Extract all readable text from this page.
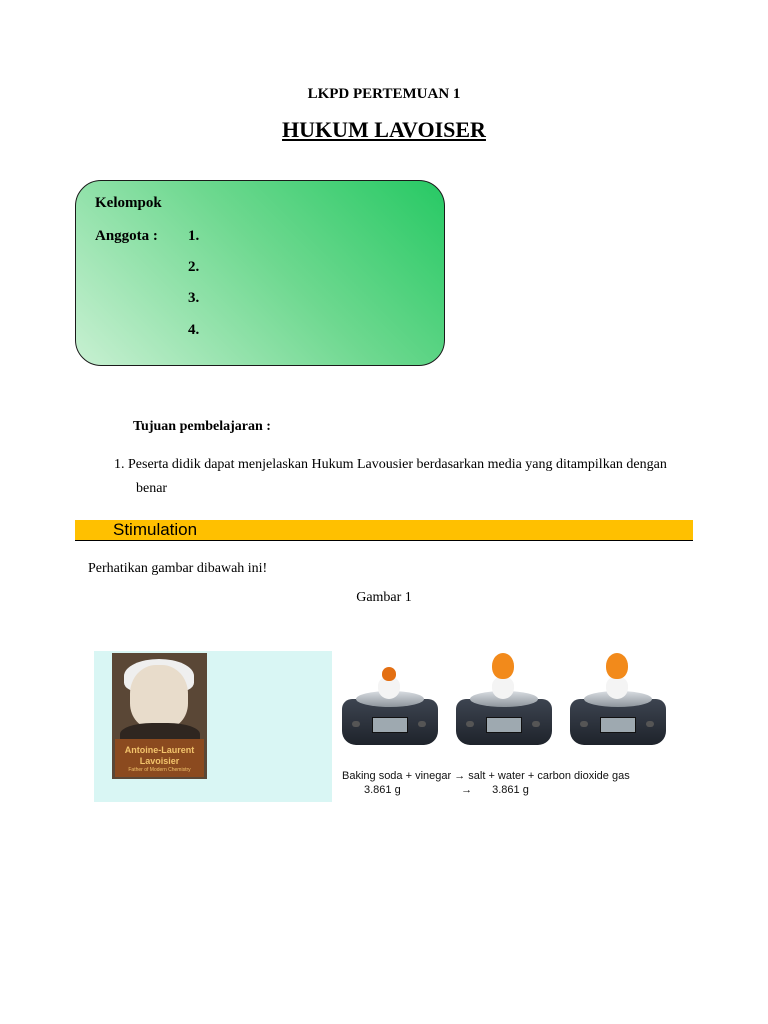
LKPD PERTEMUAN 1
HUKUM LAVOISER
Kelompok
Anggota : 1.
2.
3.
4.
Tujuan pembelajaran :
1. Peserta didik dapat menjelaskan Hukum Lavousier berdasarkan media yang ditampilkan dengan
benar
Stimulation
Perhatikan gambar dibawah ini!
Gambar 1
Antoine-Laurent
Lavoisier
Father of Modern Chemistry	Baking soda + vinegar → salt + water + carbon dioxide gas
3.861 g	→ 3.861 g
